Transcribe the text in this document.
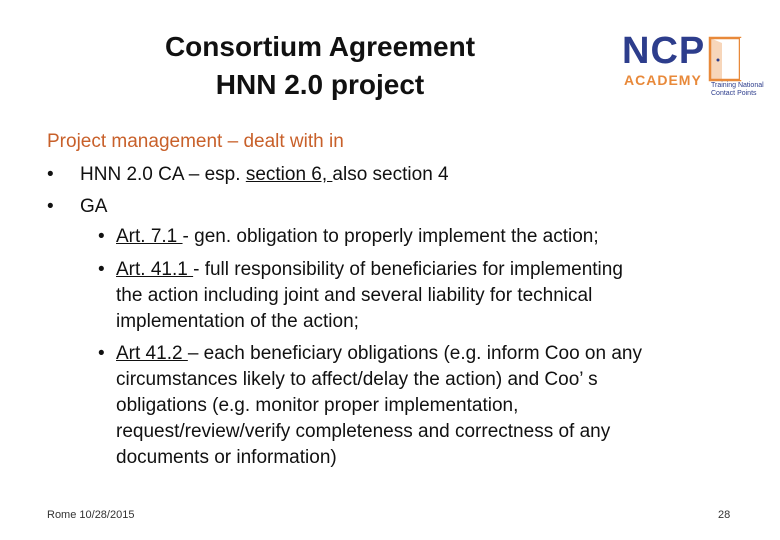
Consortium Agreement
HNN 2.0 project
NCP
ACADEMY Training National
Contact Points
Project management – dealt with in
• HNN 2.0 CA – esp. section 6, also section 4
• GA
• Art. 7.1 - gen. obligation to properly implement the action;
• Art. 41.1 - full responsibility of beneficiaries for implementing
the action including joint and several liability for technical
implementation of the action;
• Art 41.2 – each beneficiary obligations (e.g. inform Coo on any
circumstances likely to affect/delay the action) and Coo’ s
obligations (e.g. monitor proper implementation,
request/review/verify completeness and correctness of any
documents or information)
Rome 10/28/2015	28
